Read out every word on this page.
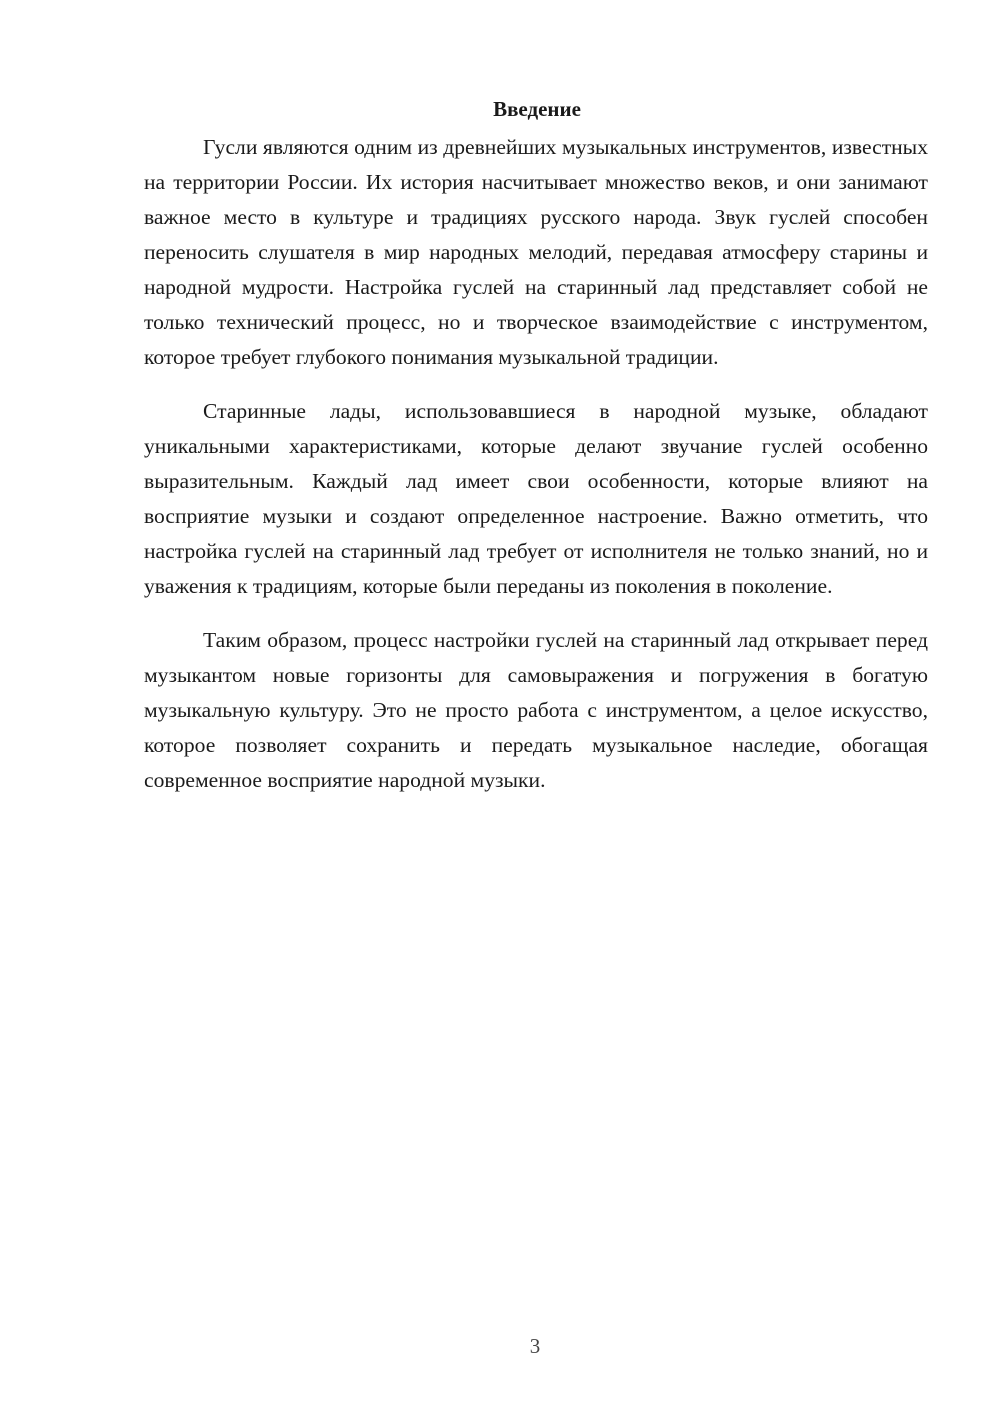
Введение

Гусли являются одним из древнейших музыкальных инструментов, известных на территории России. Их история насчитывает множество веков, и они занимают важное место в культуре и традициях русского народа. Звук гуслей способен переносить слушателя в мир народных мелодий, передавая атмосферу старины и народной мудрости. Настройка гуслей на старинный лад представляет собой не только технический процесс, но и творческое взаимодействие с инструментом, которое требует глубокого понимания музыкальной традиции.

Старинные лады, использовавшиеся в народной музыке, обладают уникальными характеристиками, которые делают звучание гуслей особенно выразительным. Каждый лад имеет свои особенности, которые влияют на восприятие музыки и создают определенное настроение. Важно отметить, что настройка гуслей на старинный лад требует от исполнителя не только знаний, но и уважения к традициям, которые были переданы из поколения в поколение.

Таким образом, процесс настройки гуслей на старинный лад открывает перед музыкантом новые горизонты для самовыражения и погружения в богатую музыкальную культуру. Это не просто работа с инструментом, а целое искусство, которое позволяет сохранить и передать музыкальное наследие, обогащая современное восприятие народной музыки.

3
